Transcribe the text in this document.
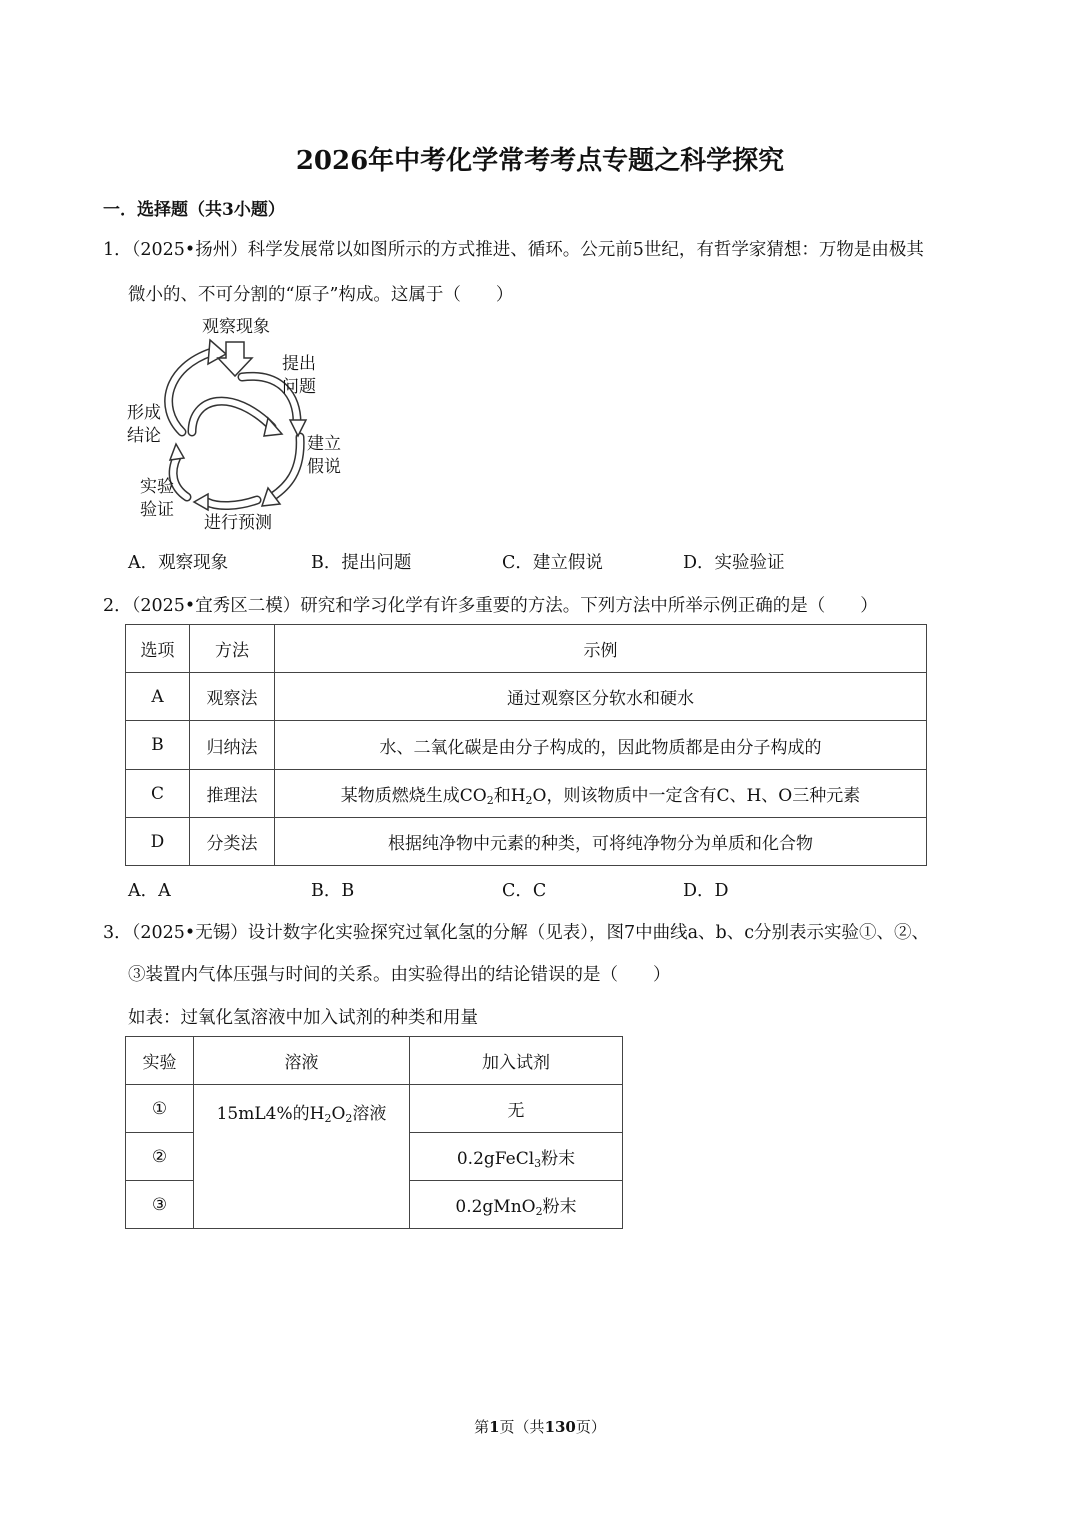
2026年中考化学常考考点专题之科学探究
一．选择题（共3小题）
1．（2025•扬州）科学发展常以如图所示的方式推进、循环。公元前5世纪，有哲学家猜想：万物是由极其
微小的、不可分割的“原子”构成。这属于（　　）
观察现象
提出
问题
建立
假说
进行预测
实验
验证
形成
结论
A．观察现象	B．提出问题	C．建立假说	D．实验验证
2．（2025•宜秀区二模）研究和学习化学有许多重要的方法。下列方法中所举示例正确的是（　　）
选项	方法	示例
A	观察法	通过观察区分软水和硬水
B	归纳法	水、二氧化碳是由分子构成的，因此物质都是由分子构成的
C	推理法	某物质燃烧生成$CO_2$和$H_2O$，则该物质中一定含有C、H、O三种元素
D	分类法	根据纯净物中元素的种类，可将纯净物分为单质和化合物
A．A	B．B	C．C	D．D
3．（2025•无锡）设计数字化实验探究过氧化氢的分解（见表），图7中曲线a、b、c分别表示实验①、②、
③装置内气体压强与时间的关系。由实验得出的结论错误的是（　　）
如表：过氧化氢溶液中加入试剂的种类和用量
实验	溶液	加入试剂
①	15mL4%的$H_2O_2$溶液	无
②		0.2gFeCl$_3$粉末
③		0.2gMnO$_2$粉末
第1页（共130页）
